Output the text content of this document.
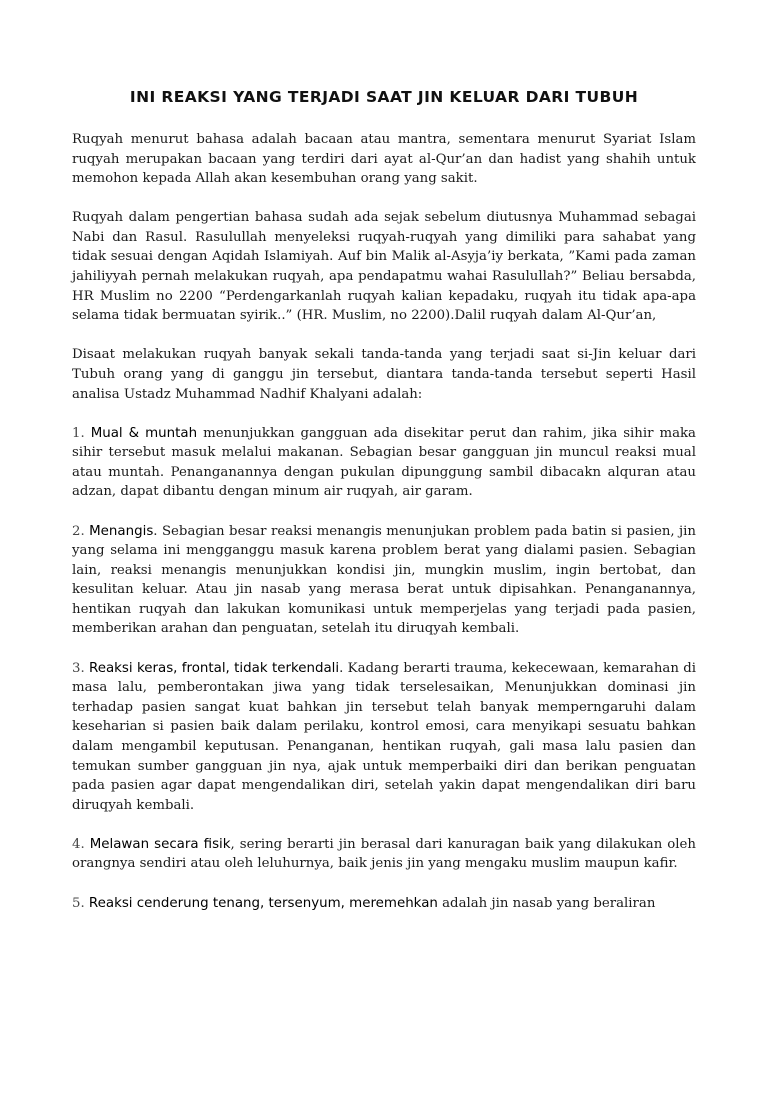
INI REAKSI YANG TERJADI SAAT JIN KELUAR DARI TUBUH

Ruqyah menurut bahasa adalah bacaan atau mantra, sementara menurut Syariat Islam ruqyah merupakan bacaan yang terdiri dari ayat al-Qur’an dan hadist yang shahih untuk memohon kepada Allah akan kesembuhan orang yang sakit.

Ruqyah dalam pengertian bahasa sudah ada sejak sebelum diutusnya Muhammad sebagai Nabi dan Rasul. Rasulullah menyeleksi ruqyah-ruqyah yang dimiliki para sahabat yang tidak sesuai dengan Aqidah Islamiyah. Auf bin Malik al-Asyja’iy berkata, ”Kami pada zaman jahiliyyah pernah melakukan ruqyah, apa pendapatmu wahai Rasulullah?” Beliau bersabda, HR Muslim no 2200 “Perdengarkanlah ruqyah kalian kepadaku, ruqyah itu tidak apa-apa selama tidak bermuatan syirik..” (HR. Muslim, no 2200).Dalil ruqyah dalam Al-Qur’an,

Disaat melakukan ruqyah banyak sekali tanda-tanda yang terjadi saat si-Jin keluar dari Tubuh orang yang di ganggu jin tersebut, diantara tanda-tanda tersebut seperti Hasil analisa Ustadz Muhammad Nadhif Khalyani adalah:

1. Mual & muntah menunjukkan gangguan ada disekitar perut dan rahim, jika sihir maka sihir tersebut masuk melalui makanan. Sebagian besar gangguan jin muncul reaksi mual atau muntah. Penanganannya dengan pukulan dipunggung sambil dibacakn alquran atau adzan, dapat dibantu dengan minum air ruqyah, air garam.

2. Menangis. Sebagian besar reaksi menangis menunjukan problem pada batin si pasien, jin yang selama ini mengganggu masuk karena problem berat yang dialami pasien. Sebagian lain, reaksi menangis menunjukkan kondisi jin, mungkin muslim, ingin bertobat, dan kesulitan keluar. Atau jin nasab yang merasa berat untuk dipisahkan. Penanganannya, hentikan ruqyah dan lakukan komunikasi untuk memperjelas yang terjadi pada pasien, memberikan arahan dan penguatan, setelah itu diruqyah kembali.

3. Reaksi keras, frontal, tidak terkendali. Kadang berarti trauma, kekecewaan, kemarahan di masa lalu, pemberontakan jiwa yang tidak terselesaikan, Menunjukkan dominasi jin terhadap pasien sangat kuat bahkan jin tersebut telah banyak memperngaruhi dalam keseharian si pasien baik dalam perilaku, kontrol emosi, cara menyikapi sesuatu bahkan dalam mengambil keputusan. Penanganan, hentikan ruqyah, gali masa lalu pasien dan temukan sumber gangguan jin nya, ajak untuk memperbaiki diri dan berikan penguatan pada pasien agar dapat mengendalikan diri, setelah yakin dapat mengendalikan diri baru diruqyah kembali.

4. Melawan secara fisik, sering berarti jin berasal dari kanuragan baik yang dilakukan oleh orangnya sendiri atau oleh leluhurnya, baik jenis jin yang mengaku muslim maupun kafir.

5. Reaksi cenderung tenang, tersenyum, meremehkan adalah jin nasab yang beraliran
